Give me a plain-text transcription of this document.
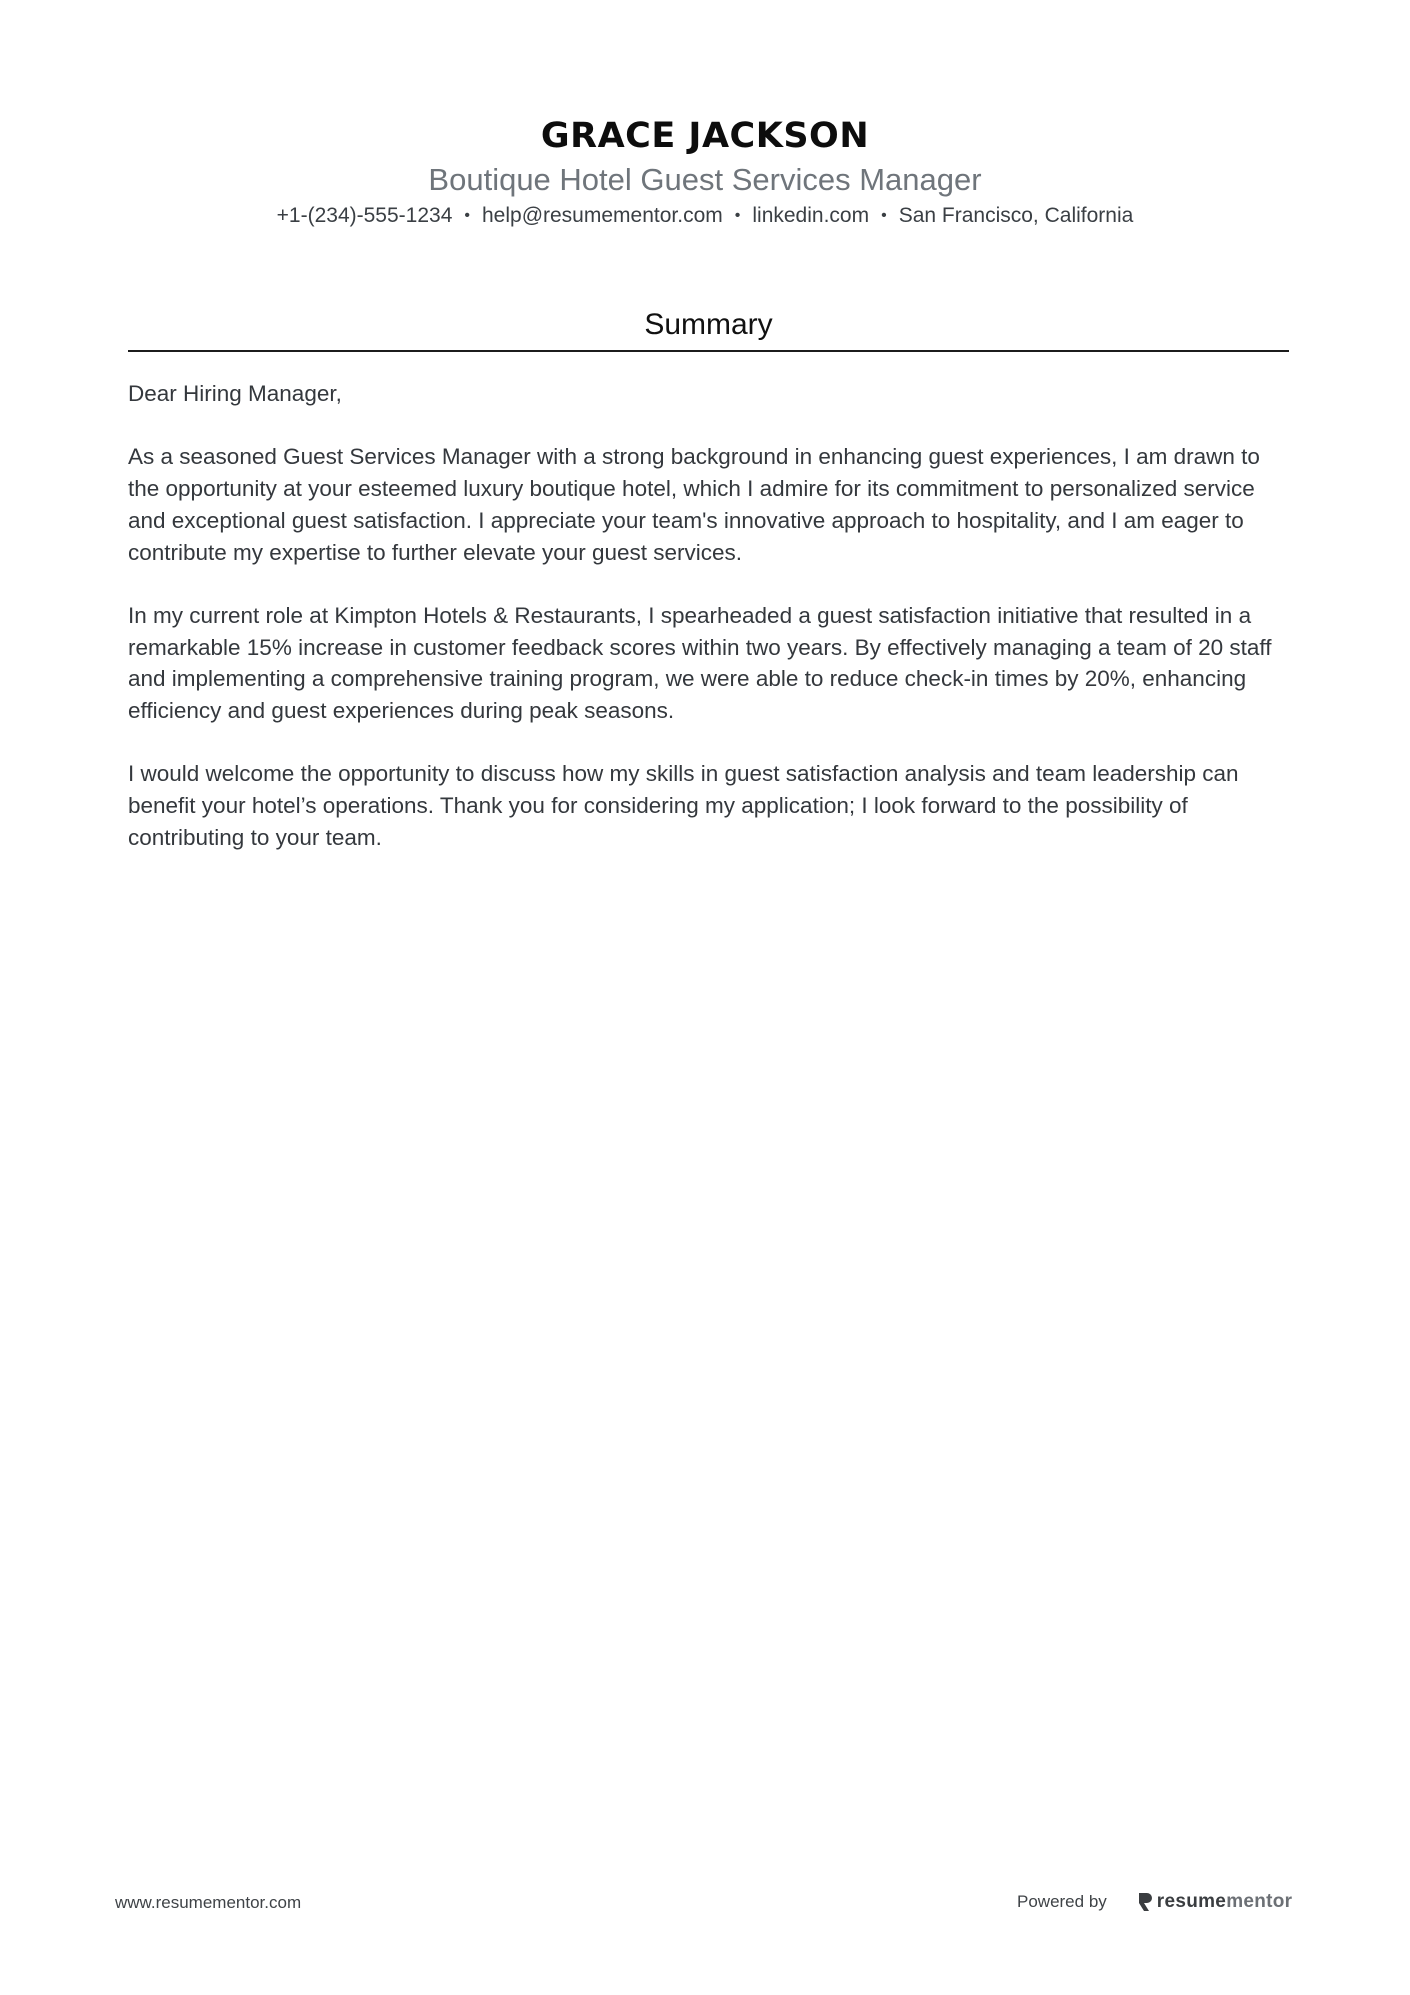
GRACE JACKSON
Boutique Hotel Guest Services Manager
+1-(234)-555-1234 • help@resumementor.com • linkedin.com • San Francisco, California
Summary

Dear Hiring Manager,

As a seasoned Guest Services Manager with a strong background in enhancing guest experiences, I am drawn to the opportunity at your esteemed luxury boutique hotel, which I admire for its commitment to personalized service and exceptional guest satisfaction. I appreciate your team's innovative approach to hospitality, and I am eager to contribute my expertise to further elevate your guest services.

In my current role at Kimpton Hotels & Restaurants, I spearheaded a guest satisfaction initiative that resulted in a remarkable 15% increase in customer feedback scores within two years. By effectively managing a team of 20 staff and implementing a comprehensive training program, we were able to reduce check-in times by 20%, enhancing efficiency and guest experiences during peak seasons.

I would welcome the opportunity to discuss how my skills in guest satisfaction analysis and team leadership can benefit your hotel’s operations. Thank you for considering my application; I look forward to the possibility of contributing to your team.

www.resumementor.com	Powered by	resumementor
